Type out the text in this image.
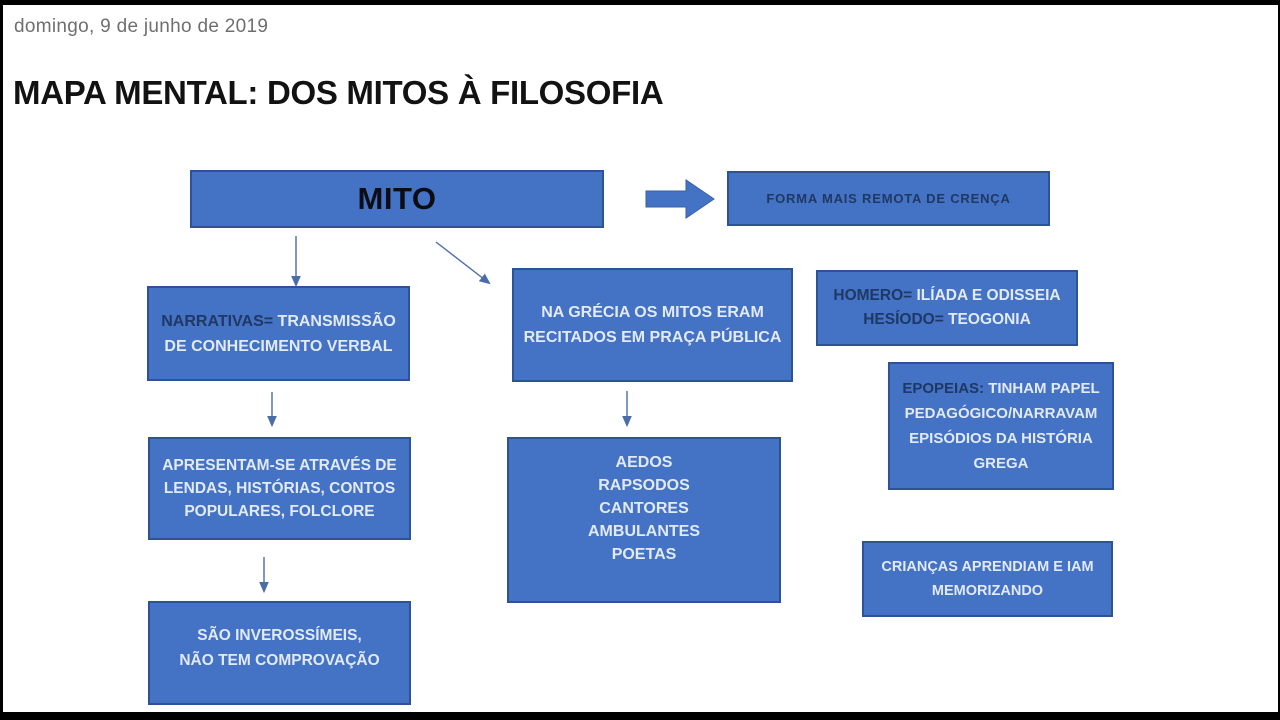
domingo, 9 de junho de 2019
MAPA MENTAL: DOS MITOS À FILOSOFIA
MITO	FORMA MAIS REMOTA DE CRENÇA
NARRATIVAS= TRANSMISSÃO
DE CONHECIMENTO VERBAL
NA GRÉCIA OS MITOS ERAM
RECITADOS EM PRAÇA PÚBLICA
HOMERO= ILÍADA E ODISSEIA
HESÍODO= TEOGONIA
EPOPEIAS: TINHAM PAPEL
PEDAGÓGICO/NARRAVAM
EPISÓDIOS DA HISTÓRIA
GREGA
APRESENTAM-SE ATRAVÉS DE
LENDAS, HISTÓRIAS, CONTOS
POPULARES, FOLCLORE
AEDOS
RAPSODOS
CANTORES
AMBULANTES
POETAS
CRIANÇAS APRENDIAM E IAM
MEMORIZANDO
SÃO INVEROSSÍMEIS,
NÃO TEM COMPROVAÇÃO
